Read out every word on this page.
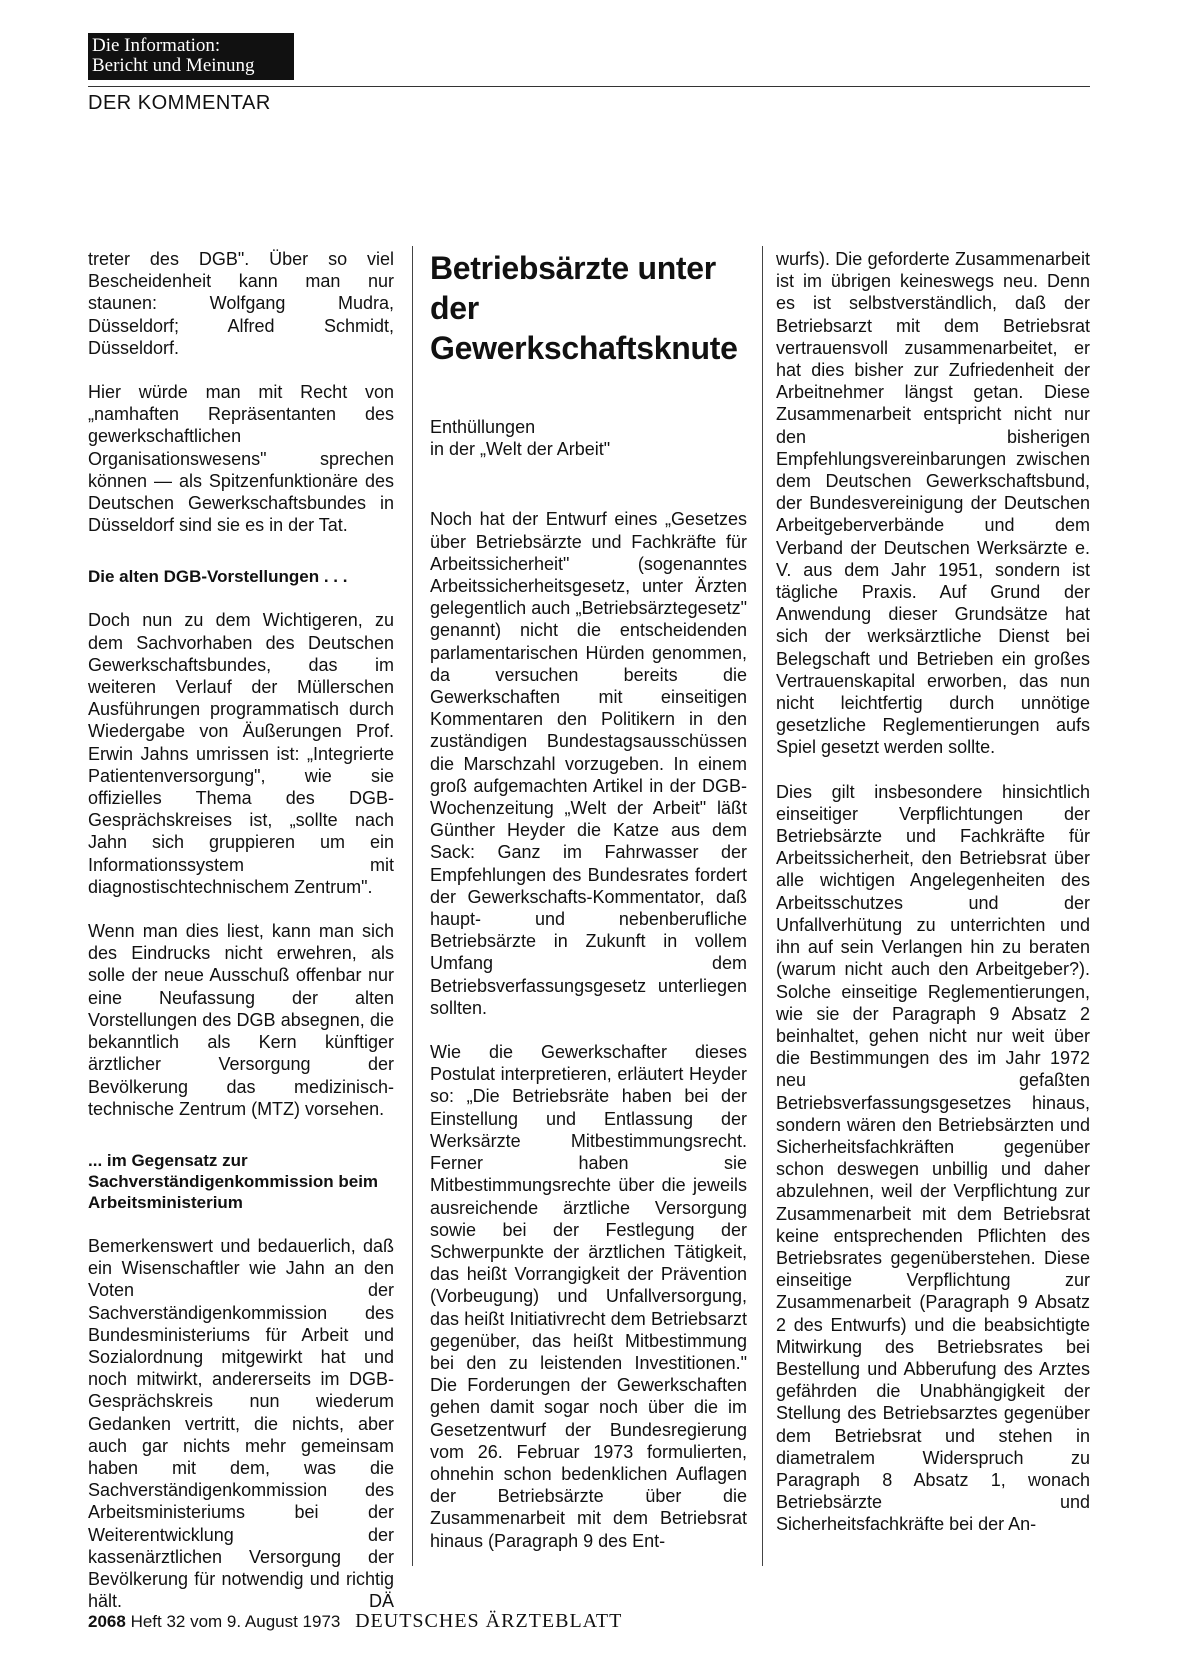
Die Information:
Bericht und Meinung
DER KOMMENTAR

treter des DGB". Über so viel Bescheidenheit kann man nur staunen: Wolfgang Mudra, Düsseldorf; Alfred Schmidt, Düsseldorf.

Hier würde man mit Recht von „namhaften Repräsentanten des gewerkschaftlichen Organisationswesens" sprechen können — als Spitzenfunktionäre des Deutschen Gewerkschaftsbundes in Düsseldorf sind sie es in der Tat.

Die alten DGB-Vorstellungen . . .

Doch nun zu dem Wichtigeren, zu dem Sachvorhaben des Deutschen Gewerkschaftsbundes, das im weiteren Verlauf der Müllerschen Ausführungen programmatisch durch Wiedergabe von Äußerungen Prof. Erwin Jahns umrissen ist: „Integrierte Patientenversorgung", wie sie offizielles Thema des DGB-Gesprächskreises ist, „sollte nach Jahn sich gruppieren um ein Informationssystem mit diagnostischtechnischem Zentrum".

Wenn man dies liest, kann man sich des Eindrucks nicht erwehren, als solle der neue Ausschuß offenbar nur eine Neufassung der alten Vorstellungen des DGB absegnen, die bekanntlich als Kern künftiger ärztlicher Versorgung der Bevölkerung das medizinisch-technische Zentrum (MTZ) vorsehen.

... im Gegensatz zur Sachverständigenkommission beim Arbeitsministerium

Bemerkenswert und bedauerlich, daß ein Wisenschaftler wie Jahn an den Voten der Sachverständigenkommission des Bundesministeriums für Arbeit und Sozialordnung mitgewirkt hat und noch mitwirkt, andererseits im DGB-Gesprächskreis nun wiederum Gedanken vertritt, die nichts, aber auch gar nichts mehr gemeinsam haben mit dem, was die Sachverständigenkommission des Arbeitsministeriums bei der Weiterentwicklung der kassenärztlichen Versorgung der Bevölkerung für notwendig und richtig hält.	DÄ

Betriebsärzte unter der Gewerkschaftsknute

Enthüllungen

in der „Welt der Arbeit"

Noch hat der Entwurf eines „Gesetzes über Betriebsärzte und Fachkräfte für Arbeitssicherheit" (sogenanntes Arbeitssicherheitsgesetz, unter Ärzten gelegentlich auch „Betriebsärztegesetz" genannt) nicht die entscheidenden parlamentarischen Hürden genommen, da versuchen bereits die Gewerkschaften mit einseitigen Kommentaren den Politikern in den zuständigen Bundestagsausschüssen die Marschzahl vorzugeben. In einem groß aufgemachten Artikel in der DGB-Wochenzeitung „Welt der Arbeit" läßt Günther Heyder die Katze aus dem Sack: Ganz im Fahrwasser der Empfehlungen des Bundesrates fordert der Gewerkschafts-Kommentator, daß haupt- und nebenberufliche Betriebsärzte in Zukunft in vollem Umfang dem Betriebsverfassungsgesetz unterliegen sollten.

Wie die Gewerkschafter dieses Postulat interpretieren, erläutert Heyder so: „Die Betriebsräte haben bei der Einstellung und Entlassung der Werksärzte Mitbestimmungsrecht. Ferner haben sie Mitbestimmungsrechte über die jeweils ausreichende ärztliche Versorgung sowie bei der Festlegung der Schwerpunkte der ärztlichen Tätigkeit, das heißt Vorrangigkeit der Prävention (Vorbeugung) und Unfallversorgung, das heißt Initiativrecht dem Betriebsarzt gegenüber, das heißt Mitbestimmung bei den zu leistenden Investitionen." Die Forderungen der Gewerkschaften gehen damit sogar noch über die im Gesetzentwurf der Bundesregierung vom 26. Februar 1973 formulierten, ohnehin schon bedenklichen Auflagen der Betriebsärzte über die Zusammenarbeit mit dem Betriebsrat hinaus (Paragraph 9 des Ent-

wurfs). Die geforderte Zusammenarbeit ist im übrigen keineswegs neu. Denn es ist selbstverständlich, daß der Betriebsarzt mit dem Betriebsrat vertrauensvoll zusammenarbeitet, er hat dies bisher zur Zufriedenheit der Arbeitnehmer längst getan. Diese Zusammenarbeit entspricht nicht nur den bisherigen Empfehlungsvereinbarungen zwischen dem Deutschen Gewerkschaftsbund, der Bundesvereinigung der Deutschen Arbeitgeberverbände und dem Verband der Deutschen Werksärzte e. V. aus dem Jahr 1951, sondern ist tägliche Praxis. Auf Grund der Anwendung dieser Grundsätze hat sich der werksärztliche Dienst bei Belegschaft und Betrieben ein großes Vertrauenskapital erworben, das nun nicht leichtfertig durch unnötige gesetzliche Reglementierungen aufs Spiel gesetzt werden sollte.

Dies gilt insbesondere hinsichtlich einseitiger Verpflichtungen der Betriebsärzte und Fachkräfte für Arbeitssicherheit, den Betriebsrat über alle wichtigen Angelegenheiten des Arbeitsschutzes und der Unfallverhütung zu unterrichten und ihn auf sein Verlangen hin zu beraten (warum nicht auch den Arbeitgeber?). Solche einseitige Reglementierungen, wie sie der Paragraph 9 Absatz 2 beinhaltet, gehen nicht nur weit über die Bestimmungen des im Jahr 1972 neu gefaßten Betriebsverfassungsgesetzes hinaus, sondern wären den Betriebsärzten und Sicherheitsfachkräften gegenüber schon deswegen unbillig und daher abzulehnen, weil der Verpflichtung zur Zusammenarbeit mit dem Betriebsrat keine entsprechenden Pflichten des Betriebsrates gegenüberstehen. Diese einseitige Verpflichtung zur Zusammenarbeit (Paragraph 9 Absatz 2 des Entwurfs) und die beabsichtigte Mitwirkung des Betriebsrates bei Bestellung und Abberufung des Arztes gefährden die Unabhängigkeit der Stellung des Betriebsarztes gegenüber dem Betriebsrat und stehen in diametralem Widerspruch zu Paragraph 8 Absatz 1, wonach Betriebsärzte und Sicherheitsfachkräfte bei der An-

2068 Heft 32 vom 9. August 1973 DEUTSCHES ÄRZTEBLATT
